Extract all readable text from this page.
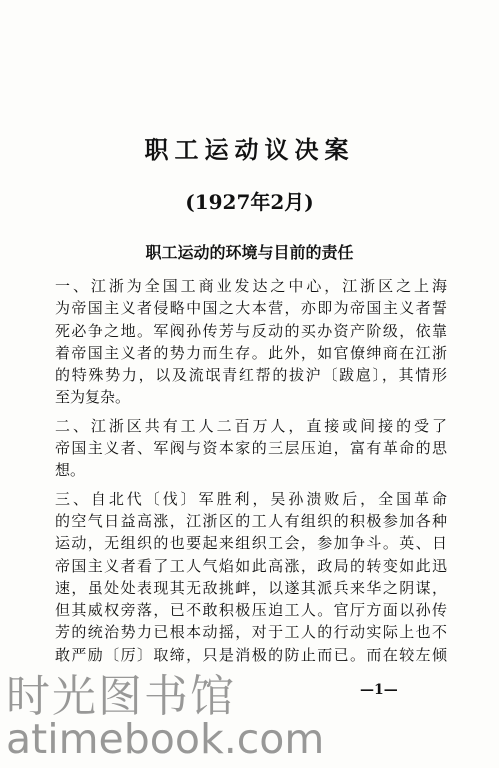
职工运动议决案
(1927年2月)
职工运动的环境与目前的责任
一、江浙为全国工商业发达之中心，江浙区之上海
为帝国主义者侵略中国之大本营，亦即为帝国主义者誓
死必争之地。军阀孙传芳与反动的买办资产阶级，依靠
着帝国主义者的势力而生存。此外，如官僚绅商在江浙
的特殊势力，以及流氓青红帮的拔沪〔跋扈〕，其情形
至为复杂。
二、江浙区共有工人二百万人，直接或间接的受了
帝国主义者、军阀与资本家的三层压迫，富有革命的思
想。
三、自北代〔伐〕军胜利，吴孙溃败后，全国革命
的空气日益高涨，江浙区的工人有组织的积极参加各种
运动，无组织的也要起来组织工会，参加争斗。英、日
帝国主义者看了工人气焰如此高涨，政局的转变如此迅
速，虽处处表现其无敌挑衅，以遂其派兵来华之阴谋，
但其威权旁落，已不敢积极压迫工人。官厅方面以孙传
芳的统治势力已根本动摇，对于工人的行动实际上也不
敢严励〔厉〕取缔，只是消极的防止而已。而在较左倾
—1—
时光图书馆
atimebook.com
